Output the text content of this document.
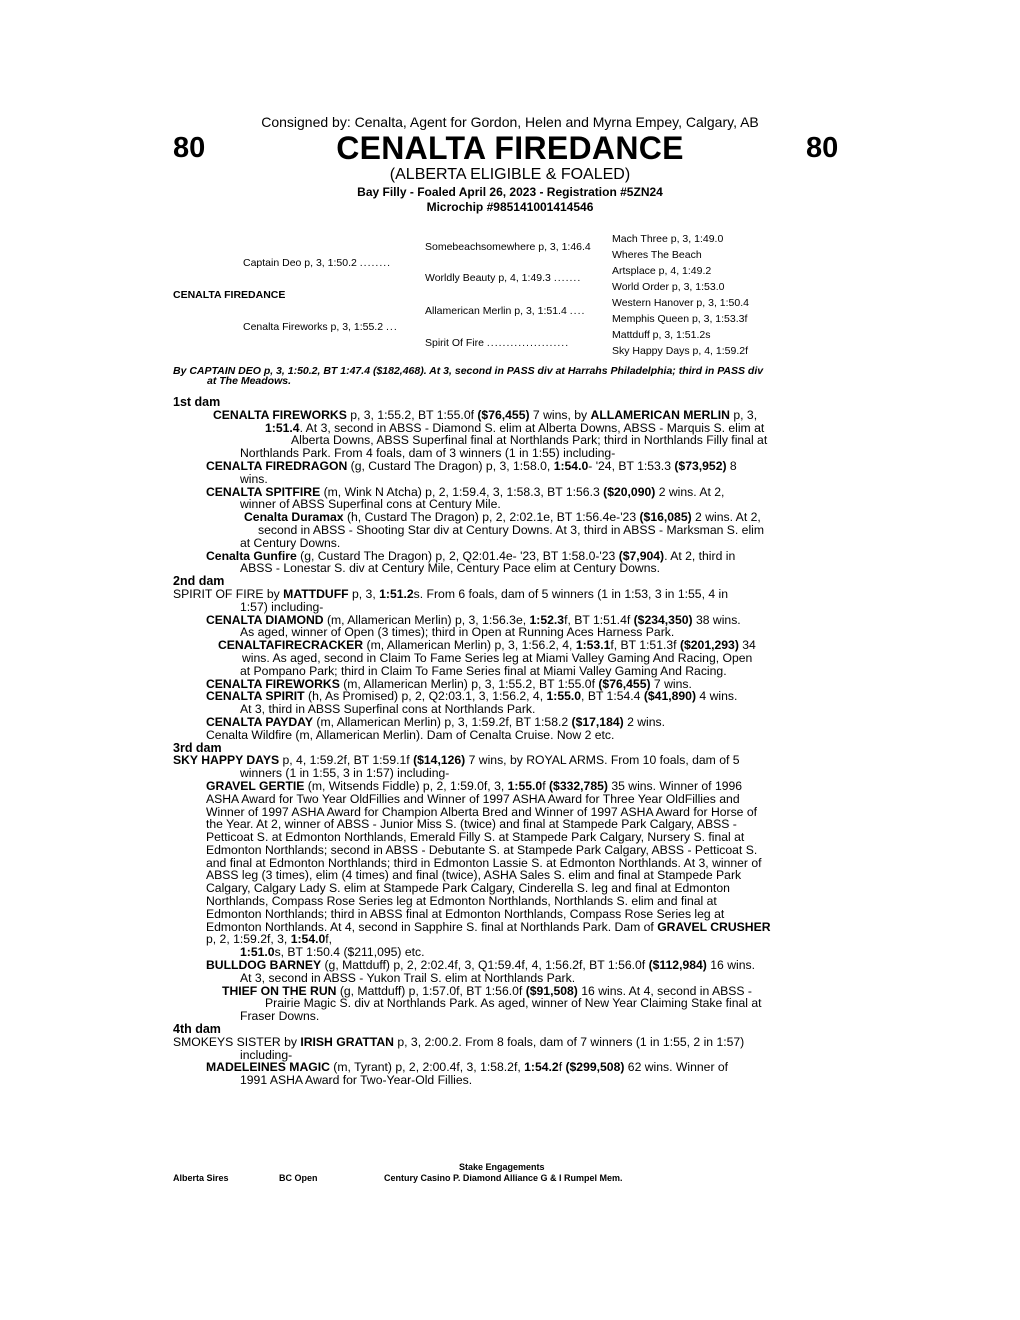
Consigned by: Cenalta, Agent for Gordon, Helen and Myrna Empey, Calgary, AB
80	80
CENALTA FIREDANCE
(ALBERTA ELIGIBLE & FOALED)
Bay Filly - Foaled April 26, 2023 - Registration #5ZN24
Microchip #985141001414546
CENALTA FIREDANCE
Captain Deo p, 3, 1:50.2 ........
Cenalta Fireworks p, 3, 1:55.2 ...
Somebeachsomewhere p, 3, 1:46.4
Worldly Beauty p, 4, 1:49.3 .......
Allamerican Merlin p, 3, 1:51.4 ....
Spirit Of Fire .....................
Mach Three p, 3, 1:49.0
Wheres The Beach
Artsplace p, 4, 1:49.2
World Order p, 3, 1:53.0
Western Hanover p, 3, 1:50.4
Memphis Queen p, 3, 1:53.3f
Mattduff p, 3, 1:51.2s
Sky Happy Days p, 4, 1:59.2f
By CAPTAIN DEO p, 3, 1:50.2, BT 1:47.4 ($182,468). At 3, second in PASS div at Harrahs Philadelphia; third in PASS div
at The Meadows.

1st dam

CENALTA FIREWORKS p, 3, 1:55.2, BT 1:55.0f ($76,455) 7 wins, by ALLAMERICAN MERLIN p, 3,

1:51.4. At 3, second in ABSS - Diamond S. elim at Alberta Downs, ABSS - Marquis S. elim at

Alberta Downs, ABSS Superfinal final at Northlands Park; third in Northlands Filly final at

Northlands Park. From 4 foals, dam of 3 winners (1 in 1:55) including-

CENALTA FIREDRAGON (g, Custard The Dragon) p, 3, 1:58.0, 1:54.0- '24, BT 1:53.3 ($73,952) 8

wins.

CENALTA SPITFIRE (m, Wink N Atcha) p, 2, 1:59.4, 3, 1:58.3, BT 1:56.3 ($20,090) 2 wins. At 2,

winner of ABSS Superfinal cons at Century Mile.

Cenalta Duramax (h, Custard The Dragon) p, 2, 2:02.1e, BT 1:56.4e-'23 ($16,085) 2 wins. At 2,

second in ABSS - Shooting Star div at Century Downs. At 3, third in ABSS - Marksman S. elim

at Century Downs.

Cenalta Gunfire (g, Custard The Dragon) p, 2, Q2:01.4e- '23, BT 1:58.0-'23 ($7,904). At 2, third in

ABSS - Lonestar S. div at Century Mile, Century Pace elim at Century Downs.

2nd dam

SPIRIT OF FIRE by MATTDUFF p, 3, 1:51.2s. From 6 foals, dam of 5 winners (1 in 1:53, 3 in 1:55, 4 in

1:57) including-

CENALTA DIAMOND (m, Allamerican Merlin) p, 3, 1:56.3e, 1:52.3f, BT 1:51.4f ($234,350) 38 wins.

As aged, winner of Open (3 times); third in Open at Running Aces Harness Park.

CENALTAFIRECRACKER (m, Allamerican Merlin) p, 3, 1:56.2, 4, 1:53.1f, BT 1:51.3f ($201,293) 34

wins. As aged, second in Claim To Fame Series leg at Miami Valley Gaming And Racing, Open

at Pompano Park; third in Claim To Fame Series final at Miami Valley Gaming And Racing.

CENALTA FIREWORKS (m, Allamerican Merlin) p, 3, 1:55.2, BT 1:55.0f ($76,455) 7 wins.

CENALTA SPIRIT (h, As Promised) p, 2, Q2:03.1, 3, 1:56.2, 4, 1:55.0, BT 1:54.4 ($41,890) 4 wins.

At 3, third in ABSS Superfinal cons at Northlands Park.

CENALTA PAYDAY (m, Allamerican Merlin) p, 3, 1:59.2f, BT 1:58.2 ($17,184) 2 wins.

Cenalta Wildfire (m, Allamerican Merlin). Dam of Cenalta Cruise. Now 2 etc.

3rd dam

SKY HAPPY DAYS p, 4, 1:59.2f, BT 1:59.1f ($14,126) 7 wins, by ROYAL ARMS. From 10 foals, dam of 5

winners (1 in 1:55, 3 in 1:57) including-

GRAVEL GERTIE (m, Witsends Fiddle) p, 2, 1:59.0f, 3, 1:55.0f ($332,785) 35 wins. Winner of 1996

ASHA Award for Two Year OldFillies and Winner of 1997 ASHA Award for Three Year OldFillies and

Winner of 1997 ASHA Award for Champion Alberta Bred and Winner of 1997 ASHA Award for Horse of

the Year. At 2, winner of ABSS - Junior Miss S. (twice) and final at Stampede Park Calgary, ABSS -

Petticoat S. at Edmonton Northlands, Emerald Filly S. at Stampede Park Calgary, Nursery S. final at

Edmonton Northlands; second in ABSS - Debutante S. at Stampede Park Calgary, ABSS - Petticoat S.

and final at Edmonton Northlands; third in Edmonton Lassie S. at Edmonton Northlands. At 3, winner of

ABSS leg (3 times), elim (4 times) and final (twice), ASHA Sales S. elim and final at Stampede Park

Calgary, Calgary Lady S. elim at Stampede Park Calgary, Cinderella S. leg and final at Edmonton

Northlands, Compass Rose Series leg at Edmonton Northlands, Northlands S. elim and final at

Edmonton Northlands; third in ABSS final at Edmonton Northlands, Compass Rose Series leg at

Edmonton Northlands. At 4, second in Sapphire S. final at Northlands Park. Dam of GRAVEL CRUSHER

p, 2, 1:59.2f, 3, 1:54.0f,

1:51.0s, BT 1:50.4 ($211,095) etc.

BULLDOG BARNEY (g, Mattduff) p, 2, 2:02.4f, 3, Q1:59.4f, 4, 1:56.2f, BT 1:56.0f ($112,984) 16 wins.

At 3, second in ABSS - Yukon Trail S. elim at Northlands Park.

THIEF ON THE RUN (g, Mattduff) p, 1:57.0f, BT 1:56.0f ($91,508) 16 wins. At 4, second in ABSS -

Prairie Magic S. div at Northlands Park. As aged, winner of New Year Claiming Stake final at

Fraser Downs.

4th dam

SMOKEYS SISTER by IRISH GRATTAN p, 3, 2:00.2. From 8 foals, dam of 7 winners (1 in 1:55, 2 in 1:57)

including-

MADELEINES MAGIC (m, Tyrant) p, 2, 2:00.4f, 3, 1:58.2f, 1:54.2f ($299,508) 62 wins. Winner of

1991 ASHA Award for Two-Year-Old Fillies.

Stake Engagements
Alberta Sires	BC Open	Century Casino P. Diamond Alliance G & I Rumpel Mem.
